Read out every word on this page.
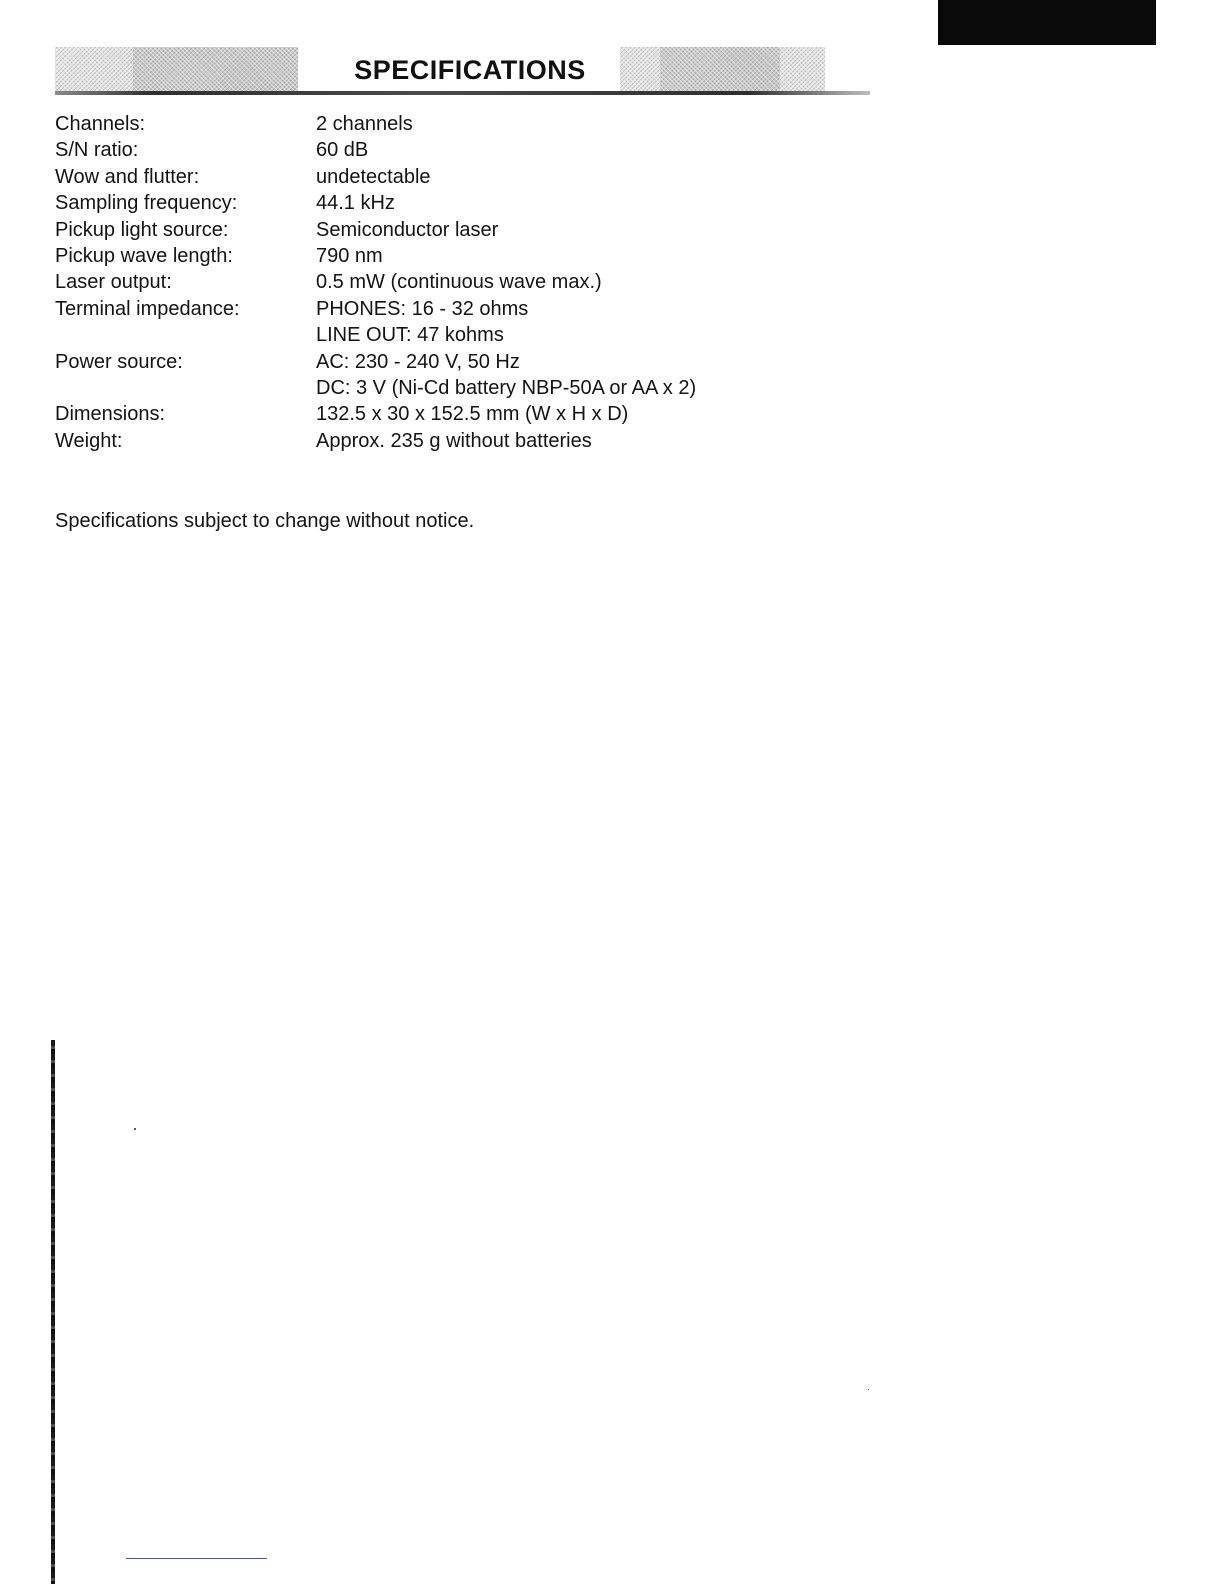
SPECIFICATIONS
Channels:	2 channels
S/N ratio:	60 dB
Wow and flutter:	undetectable
Sampling frequency:	44.1 kHz
Pickup light source:	Semiconductor laser
Pickup wave length:	790 nm
Laser output:	0.5 mW (continuous wave max.)
Terminal impedance:	PHONES: 16 - 32 ohms
LINE OUT: 47 kohms
Power source:	AC: 230 - 240 V, 50 Hz
DC: 3 V (Ni-Cd battery NBP-50A or AA x 2)
Dimensions:	132.5 x 30 x 152.5 mm (W x H x D)
Weight:	Approx. 235 g without batteries
Specifications subject to change without notice.
